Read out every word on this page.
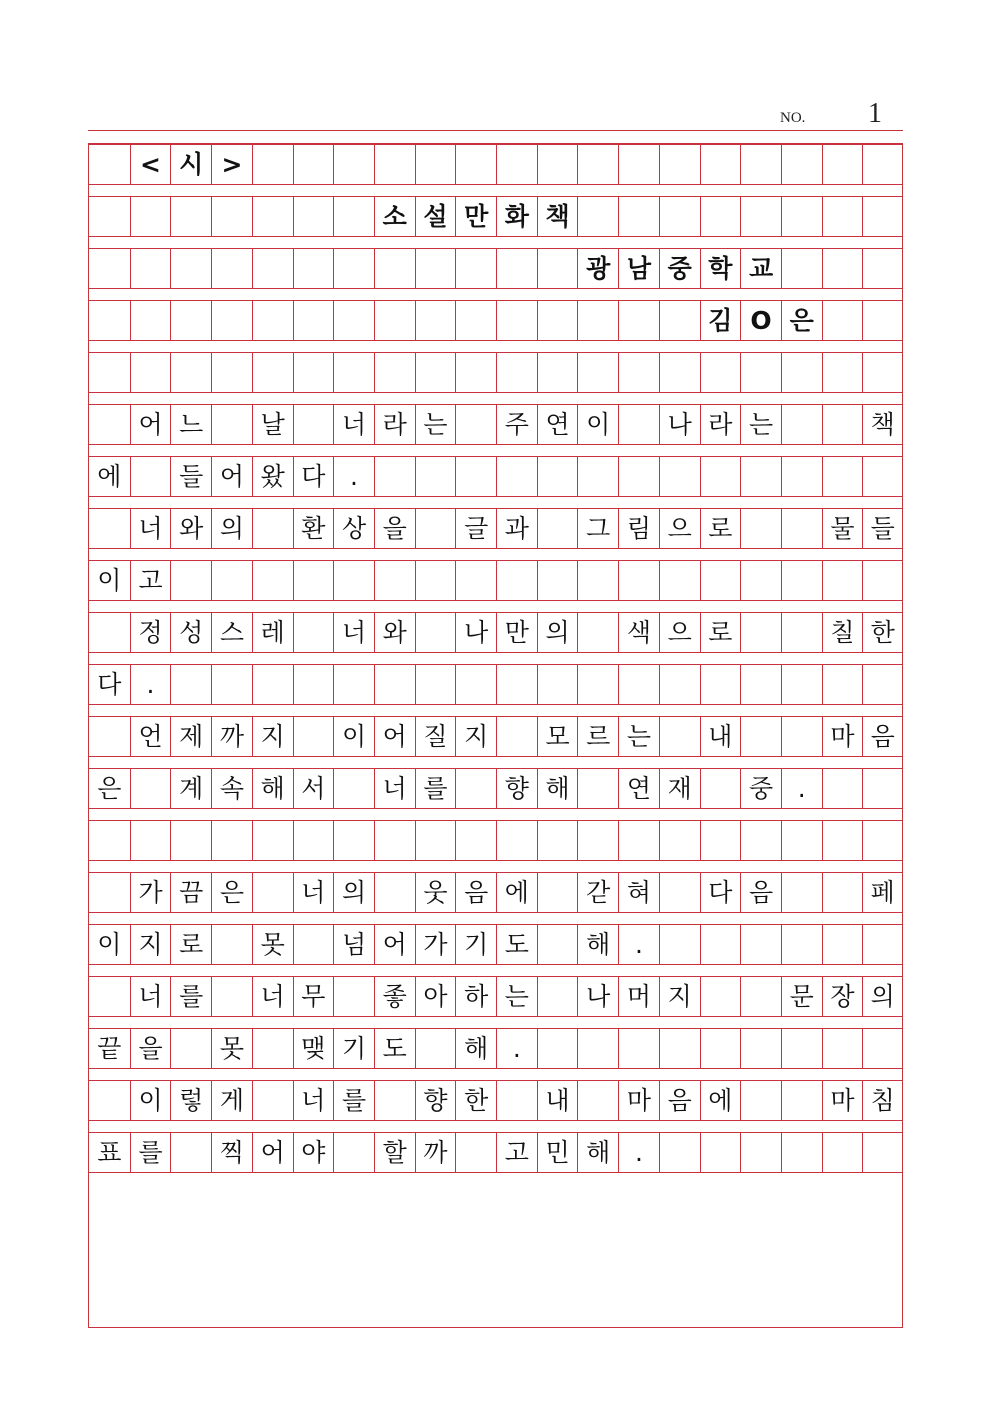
NO. 1
< 시 >
소 설 만 화 책
광 남 중 학 교
김 O 은
어 느	날	너 라 는	주 연 이	나 라 는	책
에	들 어 왔 다 .
너 와 의	환 상 을	글 과	그 림 으 로	물 들
이 고
정 성 스 레	너 와	나 만 의	색 으 로	칠 한
다	.
언 제 까 지	이 어 질 지	모 르 는	내	마 음
은	계 속 해 서	너 를	향 해	연 재	중 .
가 끔 은	너 의	웃 음 에	갇 혀	다 음	페
이 지 로	못	넘 어 가 기 도	해 .
너 를	너 무	좋 아 하 는	나 머 지	문 장 의
끝 을	못	맺 기 도	해 .
이 렇 게	너 를	향 한	내	마 음 에	마 침
표 를	찍 어 야	할 까	고 민 해 .
